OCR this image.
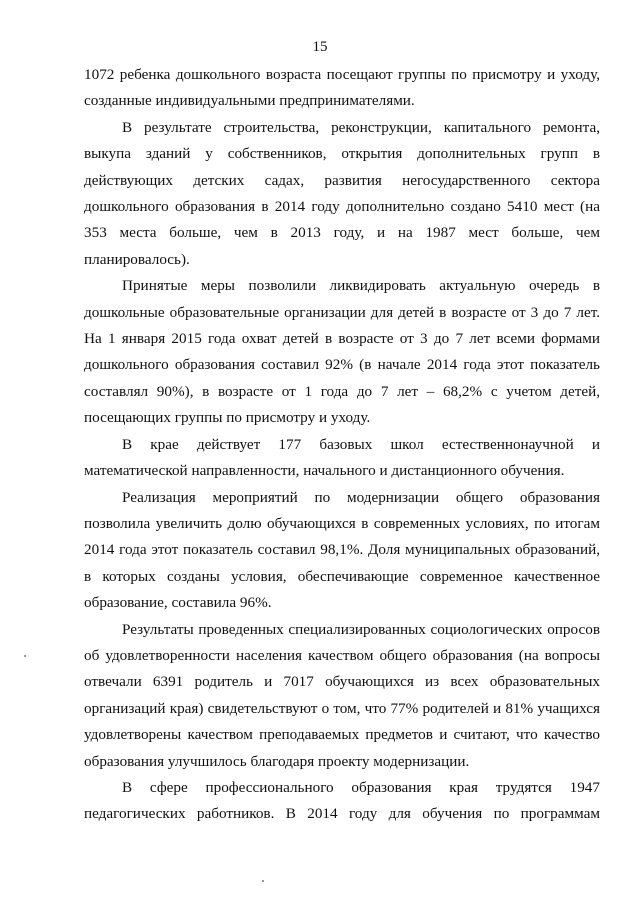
15

1072 ребенка дошкольного возраста посещают группы по присмотру и уходу, созданные индивидуальными предпринимателями.

В результате строительства, реконструкции, капитального ремонта, выкупа зданий у собственников, открытия дополнительных групп в действующих детских садах, развития негосударственного сектора дошкольного образования в 2014 году дополнительно создано 5410 мест (на 353 места больше, чем в 2013 году, и на 1987 мест больше, чем планировалось).

Принятые меры позволили ликвидировать актуальную очередь в дошкольные образовательные организации для детей в возрасте от 3 до 7 лет. На 1 января 2015 года охват детей в возрасте от 3 до 7 лет всеми формами дошкольного образования составил 92% (в начале 2014 года этот показатель составлял 90%), в возрасте от 1 года до 7 лет – 68,2% с учетом детей, посещающих группы по присмотру и уходу.

В крае действует 177 базовых школ естественнонаучной и математической направленности, начального и дистанционного обучения.

Реализация мероприятий по модернизации общего образования позволила увеличить долю обучающихся в современных условиях, по итогам 2014 года этот показатель составил 98,1%. Доля муниципальных образований, в которых созданы условия, обеспечивающие современное качественное образование, составила 96%.

Результаты проведенных специализированных социологических опросов об удовлетворенности населения качеством общего образования (на вопросы отвечали 6391 родитель и 7017 обучающихся из всех образовательных организаций края) свидетельствуют о том, что 77% родителей и 81% учащихся удовлетворены качеством преподаваемых предметов и считают, что качество образования улучшилось благодаря проекту модернизации.

В сфере профессионального образования края трудятся 1947 педагогических работников. В 2014 году для обучения по программам
